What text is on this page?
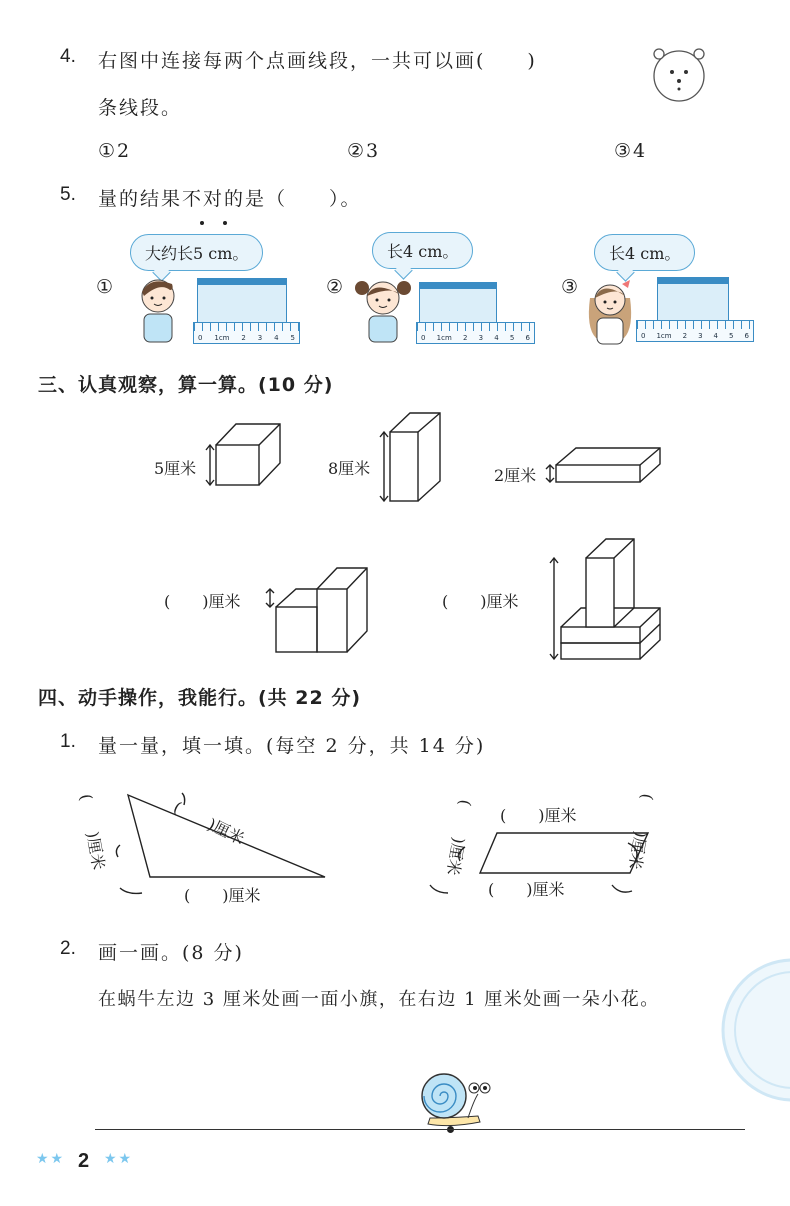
4. 右图中连接每两个点画线段，一共可以画(　　)
条线段。
①2	②3	③4
5. 量的结果不对的是（　　）。
①
大约长5 cm。
0 1cm 2 3 4 5
②
长4 cm。
0 1cm 2 3 4 5 6
③
长4 cm。
0 1cm 2 3 4 5 6
三、认真观察，算一算。(10 分)
5厘米	8厘米	2厘米
(　　)厘米	(　　)厘米
四、动手操作，我能行。(共 22 分)
1. 量一量，填一填。(每空 2 分，共 14 分)
(　　)厘米	(　　)厘米
(　　)厘米
(　　)厘米
(　　)厘米	(　　)厘米
(　　)厘米
2. 画一画。(8 分)
在蜗牛左边 3 厘米处画一面小旗，在右边 1 厘米处画一朵小花。
★★ 2 ★★
